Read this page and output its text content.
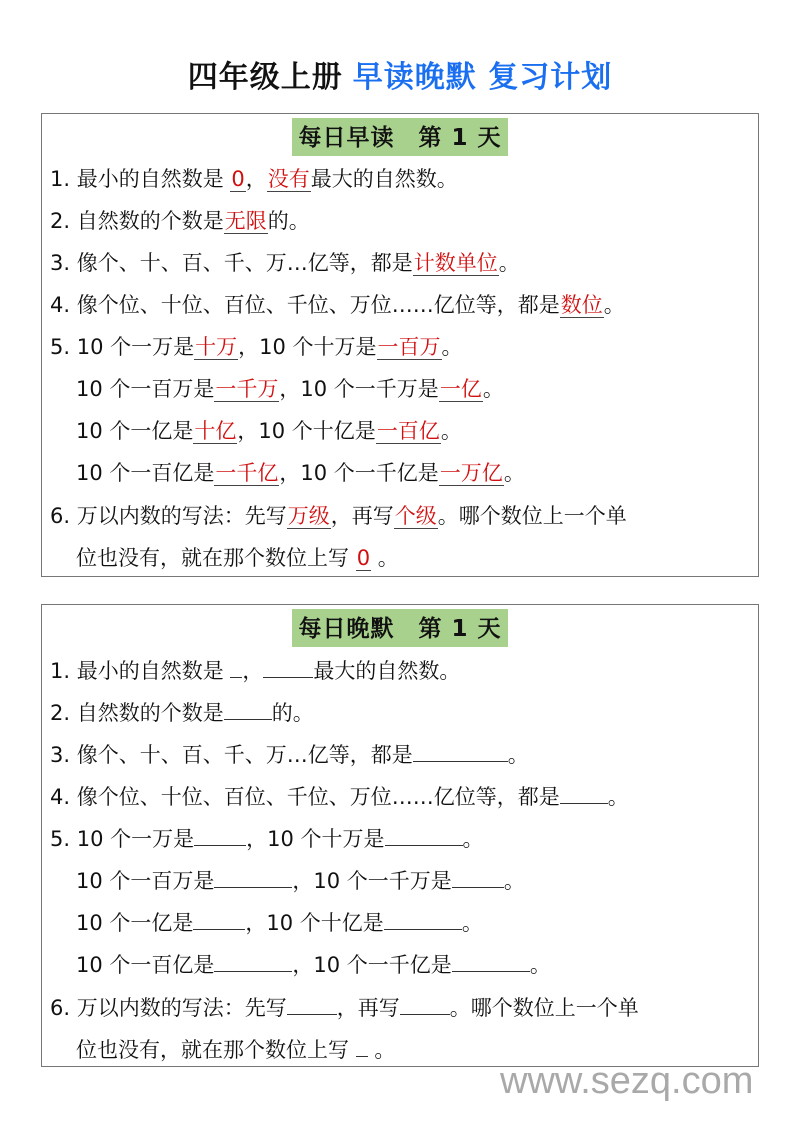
四年级上册 早读晚默 复习计划
每日早读　第 1 天
1. 最小的自然数是 0，没有最大的自然数。
2. 自然数的个数是无限的。
3. 像个、十、百、千、万…亿等，都是计数单位。
4. 像个位、十位、百位、千位、万位……亿位等，都是数位。
5. 10 个一万是十万，10 个十万是一百万。
10 个一百万是一千万，10 个一千万是一亿。
10 个一亿是十亿，10 个十亿是一百亿。
10 个一百亿是一千亿，10 个一千亿是一万亿。
6. 万以内数的写法：先写万级，再写个级。哪个数位上一个单
位也没有，就在那个数位上写 0 。
每日晚默　第 1 天
1. 最小的自然数是 ， 最大的自然数。
2. 自然数的个数是 的。
3. 像个、十、百、千、万…亿等，都是	。
4. 像个位、十位、百位、千位、万位……亿位等，都是 。
5. 10 个一万是 ，10 个十万是	。
10 个一百万是	，10 个一千万是 。
10 个一亿是 ，10 个十亿是	。
10 个一百亿是	，10 个一千亿是	。
6. 万以内数的写法：先写 ，再写 。哪个数位上一个单
位也没有，就在那个数位上写  。
www.sezq.com
